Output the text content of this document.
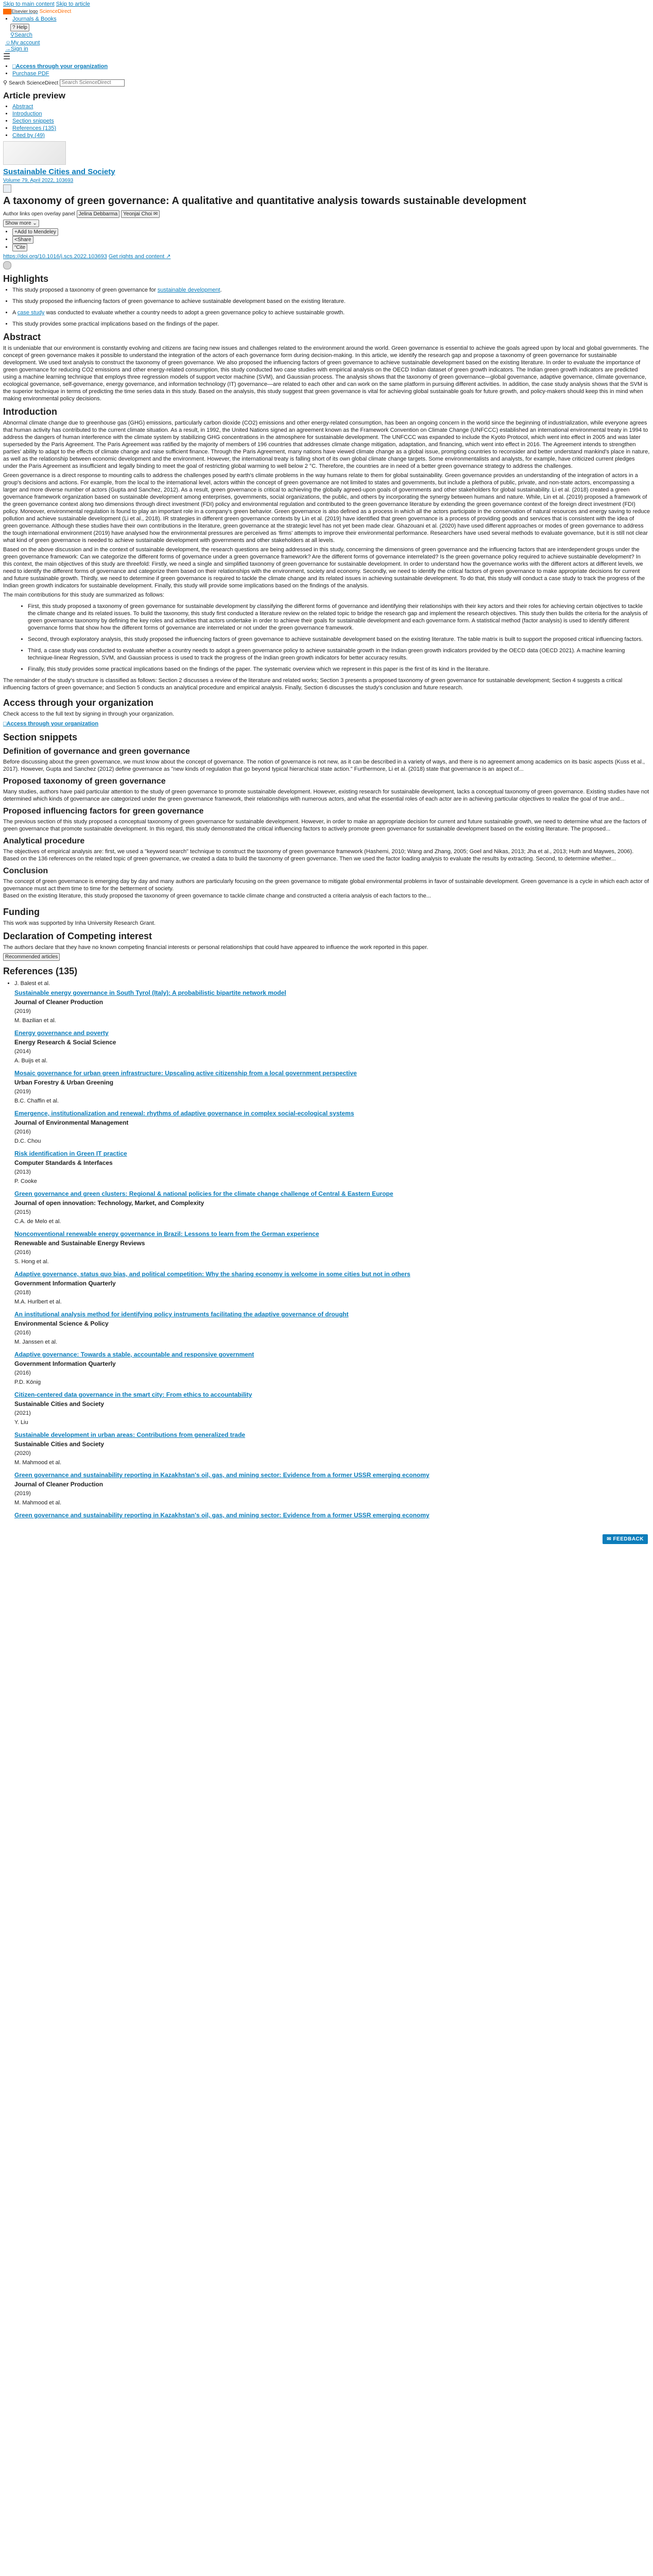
Skip to main content Skip to article
Elsevier logo ScienceDirect
• Journals & Books
? Help
⚲Search
☺My account
→Sign in
☰
• □Access through your organization
• Purchase PDF
⚲ Search ScienceDirect Search ScienceDirect
Article preview
• Abstract
• Introduction
• Section snippets
• References (135)
• Cited by (49)
Sustainable Cities and Society
Volume 79, April 2022, 103693
A taxonomy of green governance: A qualitative and quantitative analysis towards sustainable development
Author links open overlay panel Jelina Debbarma Yeonjai Choi ✉
Show more ⌄
• +Add to Mendeley
• <Share
• “Cite
https://doi.org/10.1016/j.scs.2022.103693 Get rights and content ↗
Highlights
• This study proposed a taxonomy of green governance for sustainable development.
• This study proposed the influencing factors of green governance to achieve sustainable development based on the existing literature.
• A case study was conducted to evaluate whether a country needs to adopt a green governance policy to achieve sustainable growth.
• This study provides some practical implications based on the findings of the paper.
Abstract

It is undeniable that our environment is constantly evolving and citizens are facing new issues and challenges related to the environment around the world. Green governance is essential to achieve the goals agreed upon by local and global governments. The concept of green governance makes it possible to understand the integration of the actors of each governance form during decision-making. In this article, we identify the research gap and propose a taxonomy of green governance for sustainable development. We used text analysis to construct the taxonomy of green governance. We also proposed the influencing factors of green governance to achieve sustainable development based on the existing literature. In order to evaluate the importance of green governance for reducing CO2 emissions and other energy-related consumption, this study conducted two case studies with empirical analysis on the OECD Indian dataset of green growth indicators. The Indian green growth indicators are predicted using a machine learning technique that employs three regression models of support vector machine (SVM), and Gaussian process. The analysis shows that the taxonomy of green governance—global governance, adaptive governance, climate governance, ecological governance, self-governance, energy governance, and information technology (IT) governance—are related to each other and can work on the same platform in pursuing different activities. In addition, the case study analysis shows that the SVM is the superior technique in terms of predicting the time series data in this study. Based on the analysis, this study suggest that green governance is vital for achieving global sustainable goals for future growth, and policy-makers should keep this in mind when making environmental policy decisions.

Introduction

Abnormal climate change due to greenhouse gas (GHG) emissions, particularly carbon dioxide (CO2) emissions and other energy-related consumption, has been an ongoing concern in the world since the beginning of industrialization, while everyone agrees that human activity has contributed to the current climate situation. As a result, in 1992, the United Nations signed an agreement known as the Framework Convention on Climate Change (UNFCCC) established an international environmental treaty in 1994 to address the dangers of human interference with the climate system by stabilizing GHG concentrations in the atmosphere for sustainable development. The UNFCCC was expanded to include the Kyoto Protocol, which went into effect in 2005 and was later superseded by the Paris Agreement. The Paris Agreement was ratified by the majority of members of 196 countries that addresses climate change mitigation, adaptation, and financing, which went into effect in 2016. The Agreement intends to strengthen parties' ability to adapt to the effects of climate change and raise sufficient finance. Through the Paris Agreement, many nations have viewed climate change as a global issue, prompting countries to reconsider and better understand mankind's place in nature, as well as the relationship between economic development and the environment. However, the international treaty is falling short of its own global climate change targets. Some environmentalists and analysts, for example, have criticized current pledges under the Paris Agreement as insufficient and legally binding to meet the goal of restricting global warming to well below 2 °C. Therefore, the countries are in need of a better green governance strategy to address the challenges.

Green governance is a direct response to mounting calls to address the challenges posed by earth's climate problems in the way humans relate to them for global sustainability. Green governance provides an understanding of the integration of actors in a group's decisions and actions. For example, from the local to the international level, actors within the concept of green governance are not limited to states and governments, but include a plethora of public, private, and non-state actors, encompassing a larger and more diverse number of actors (Gupta and Sanchez, 2012). As a result, green governance is critical to achieving the globally agreed-upon goals of governments and other stakeholders for global sustainability. Li et al. (2018) created a green governance framework organization based on sustainable development among enterprises, governments, social organizations, the public, and others by incorporating the synergy between humans and nature. While, Lin et al. (2019) proposed a framework of the green governance context along two dimensions through direct investment (FDI) policy and environmental regulation and contributed to the green governance literature by extending the green governance context of the foreign direct investment (FDI) policy. Moreover, environmental regulation is found to play an important role in a company's green behavior. Green governance is also defined as a process in which all the actors participate in the conservation of natural resources and energy saving to reduce pollution and achieve sustainable development (Li et al., 2018). IR strategies in different green governance contexts by Lin et al. (2019) have identified that green governance is a process of providing goods and services that is consistent with the idea of green governance. Although these studies have their own contributions in the literature, green governance at the strategic level has not yet been made clear. Ghazouani et al. (2020) have used different approaches or modes of green governance to address the tough international environment (2019) have analysed how the environmental pressures are perceived as ‘firms' attempts to improve their environmental performance. Researchers have used several methods to evaluate governance, but it is still not clear what kind of green governance is needed to achieve sustainable development with governments and other stakeholders at all levels.

Based on the above discussion and in the context of sustainable development, the research questions are being addressed in this study, concerning the dimensions of green governance and the influencing factors that are interdependent groups under the green governance framework: Can we categorize the different forms of governance under a green governance framework? Are the different forms of governance interrelated? Is the green governance policy required to achieve sustainable development? In this context, the main objectives of this study are threefold: Firstly, we need a single and simplified taxonomy of green governance for sustainable development. In order to understand how the governance works with the different actors at different levels, we need to identify the different forms of governance and categorize them based on their relationships with the environment, society and economy. Secondly, we need to identify the critical factors of green governance to make appropriate decisions for current and future sustainable growth. Thirdly, we need to determine if green governance is required to tackle the climate change and its related issues in achieving sustainable development. To do that, this study will conduct a case study to track the progress of the Indian green growth indicators for sustainable development. Finally, this study will provide some implications based on the findings of the analysis.

The main contributions for this study are summarized as follows:

• First, this study proposed a taxonomy of green governance for sustainable development by classifying the different forms of governance and identifying their relationships with their key actors and their roles for achieving certain objectives to tackle the climate change and its related issues. To build the taxonomy, this study first conducted a literature review on the related topic to bridge the research gap and implement the research objectives. This study then builds the criteria for the analysis of green governance taxonomy by defining the key roles and activities that actors undertake in order to achieve their goals for sustainable development and each governance form. A statistical method (factor analysis) is used to identify different governance forms that show how the different forms of governance are interrelated or not under the green governance framework.
• Second, through exploratory analysis, this study proposed the influencing factors of green governance to achieve sustainable development based on the existing literature. The table matrix is built to support the proposed critical influencing factors.
• Third, a case study was conducted to evaluate whether a country needs to adopt a green governance policy to achieve sustainable growth in the Indian green growth indicators provided by the OECD data (OECD 2021). A machine learning technique-linear Regression, SVM, and Gaussian process is used to track the progress of the Indian green growth indicators for better accuracy results.
• Finally, this study provides some practical implications based on the findings of the paper. The systematic overview which we represent in this paper is the first of its kind in the literature.

The remainder of the study's structure is classified as follows: Section 2 discusses a review of the literature and related works; Section 3 presents a proposed taxonomy of green governance for sustainable development; Section 4 suggests a critical influencing factors of green governance; and Section 5 conducts an analytical procedure and empirical analysis. Finally, Section 6 discusses the study's conclusion and future research.

Access through your organization

Check access to the full text by signing in through your organization.

□Access through your organization
Section snippets
Definition of governance and green governance

Before discussing about the green governance, we must know about the concept of governance. The notion of governance is not new, as it can be described in a variety of ways, and there is no agreement among academics on its basic aspects (Kuss et al., 2017). However, Gupta and Sanchez (2012) define governance as "new kinds of regulation that go beyond typical hierarchical state action." Furthermore, Li et al. (2018) state that governance is an aspect of...

Proposed taxonomy of green governance

Many studies, authors have paid particular attention to the study of green governance to promote sustainable development. However, existing research for sustainable development, lacks a conceptual taxonomy of green governance. Existing studies have not determined which kinds of governance are categorized under the green governance framework, their relationships with numerous actors, and what the essential roles of each actor are in achieving particular objectives to realize the goal of true and...

Proposed influencing factors for green governance

The previous section of this study proposed a conceptual taxonomy of green governance for sustainable development. However, in order to make an appropriate decision for current and future sustainable growth, we need to determine what are the factors of green governance that promote sustainable development. In this regard, this study demonstrated the critical influencing factors to actively promote green governance for sustainable development based on the existing literature. The proposed...

Analytical procedure

The objectives of empirical analysis are: first, we used a "keyword search" technique to construct the taxonomy of green governance framework (Hashemi, 2010; Wang and Zhang, 2005; Goel and Nikas, 2013; Jha et al., 2013; Huth and Maywes, 2006). Based on the 136 references on the related topic of green governance, we created a data to build the taxonomy of green governance. Then we used the factor loading analysis to evaluate the results by extracting. Second, to determine whether...

Conclusion

The concept of green governance is emerging day by day and many authors are particularly focusing on the green governance to mitigate global environmental problems in favor of sustainable development. Green governance is a cycle in which each actor of governance must act them time to time for the betterment of society.
Based on the existing literature, this study proposed the taxonomy of green governance to tackle climate change and constructed a criteria analysis of each factors to the...

Funding

This work was supported by Inha University Research Grant.

Declaration of Competing interest

The authors declare that they have no known competing financial interests or personal relationships that could have appeared to influence the work reported in this paper.

Recommended articles
References (135)
• J. Balest et al.
Sustainable energy governance in South Tyrol (Italy): A probabilistic bipartite network model
Journal of Cleaner Production
(2019)
M. Bazilian et al.
Energy governance and poverty
Energy Research & Social Science
(2014)
A. Buijs et al.
Mosaic governance for urban green infrastructure: Upscaling active citizenship from a local government perspective
Urban Forestry & Urban Greening
(2019)
B.C. Chaffin et al.
Emergence, institutionalization and renewal: rhythms of adaptive governance in complex social-ecological systems
Journal of Environmental Management
(2016)
D.C. Chou
Risk identification in Green IT practice
Computer Standards & Interfaces
(2013)
P. Cooke
Green governance and green clusters: Regional & national policies for the climate change challenge of Central & Eastern Europe
Journal of open innovation: Technology, Market, and Complexity
(2015)
C.A. de Melo et al.
Nonconventional renewable energy governance in Brazil: Lessons to learn from the German experience
Renewable and Sustainable Energy Reviews
(2016)
S. Hong et al.
Adaptive governance, status quo bias, and political competition: Why the sharing economy is welcome in some cities but not in others
Government Information Quarterly
(2018)
M.A. Hurlbert et al.
An institutional analysis method for identifying policy instruments facilitating the adaptive governance of drought
Environmental Science & Policy
(2016)
M. Janssen et al.
Adaptive governance: Towards a stable, accountable and responsive government
Government Information Quarterly
(2016)
P.D. König
Citizen-centered data governance in the smart city: From ethics to accountability
Sustainable Cities and Society
(2021)
Y. Liu
Sustainable development in urban areas: Contributions from generalized trade
Sustainable Cities and Society
(2020)
M. Mahmood et al.
Green governance and sustainability reporting in Kazakhstan's oil, gas, and mining sector: Evidence from a former USSR emerging economy
Journal of Cleaner Production
(2019)
M. Mahmood et al.
Green governance and sustainability reporting in Kazakhstan's oil, gas, and mining sector: Evidence from a former USSR emerging economy
✉ FEEDBACK
